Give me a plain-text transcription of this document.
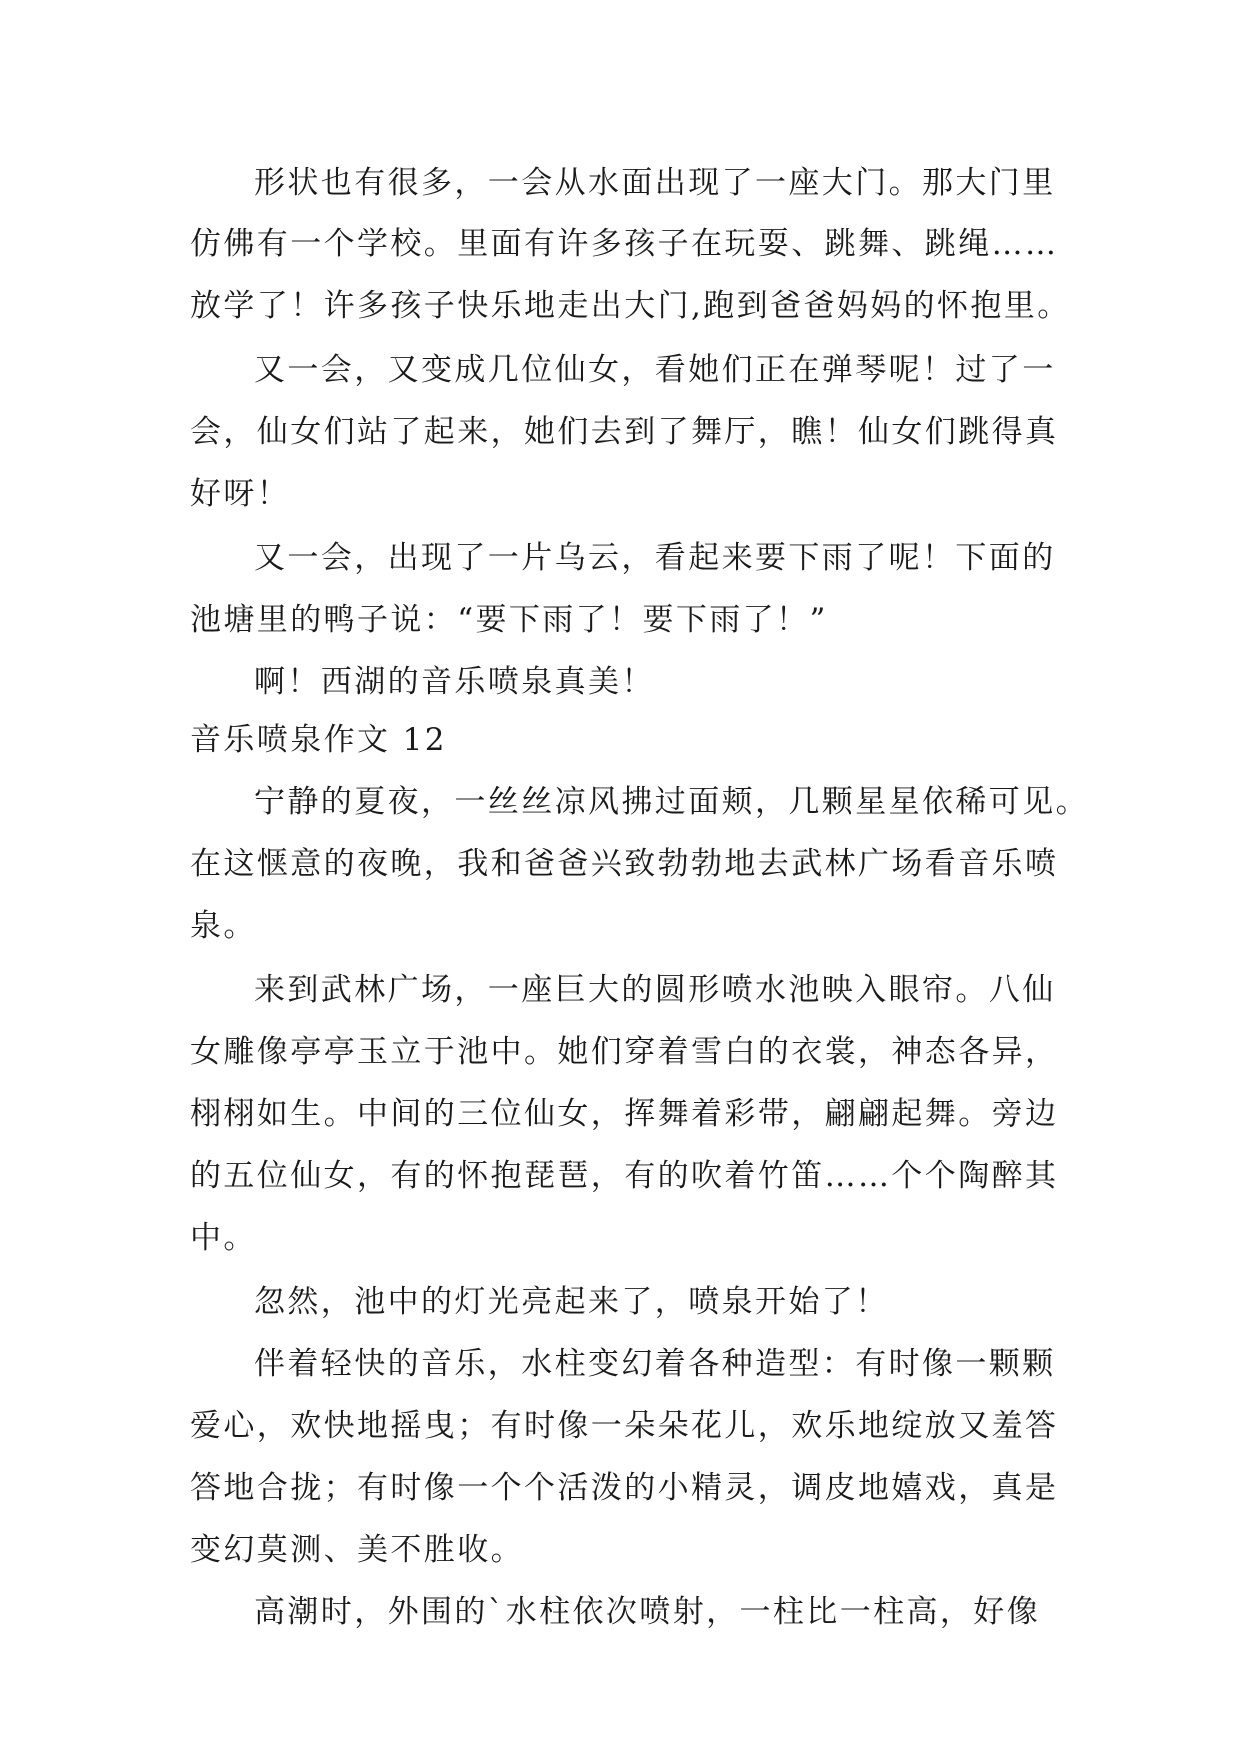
形状也有很多，一会从水面出现了一座大门。那大门里
仿佛有一个学校。里面有许多孩子在玩耍、跳舞、跳绳……
放学了！许多孩子快乐地走出大门,跑到爸爸妈妈的怀抱里。
又一会，又变成几位仙女，看她们正在弹琴呢！过了一
会，仙女们站了起来，她们去到了舞厅，瞧！仙女们跳得真
好呀！
又一会，出现了一片乌云，看起来要下雨了呢！下面的
池塘里的鸭子说：“要下雨了！要下雨了！”
啊！西湖的音乐喷泉真美！
音乐喷泉作文 12
宁静的夏夜，一丝丝凉风拂过面颊，几颗星星依稀可见。
在这惬意的夜晚，我和爸爸兴致勃勃地去武林广场看音乐喷
泉。
来到武林广场，一座巨大的圆形喷水池映入眼帘。八仙
女雕像亭亭玉立于池中。她们穿着雪白的衣裳，神态各异，
栩栩如生。中间的三位仙女，挥舞着彩带，翩翩起舞。旁边
的五位仙女，有的怀抱琵琶，有的吹着竹笛……个个陶醉其
中。
忽然，池中的灯光亮起来了，喷泉开始了！
伴着轻快的音乐，水柱变幻着各种造型：有时像一颗颗
爱心，欢快地摇曳；有时像一朵朵花儿，欢乐地绽放又羞答
答地合拢；有时像一个个活泼的小精灵，调皮地嬉戏，真是
变幻莫测、美不胜收。
高潮时，外围的`水柱依次喷射，一柱比一柱高，好像
